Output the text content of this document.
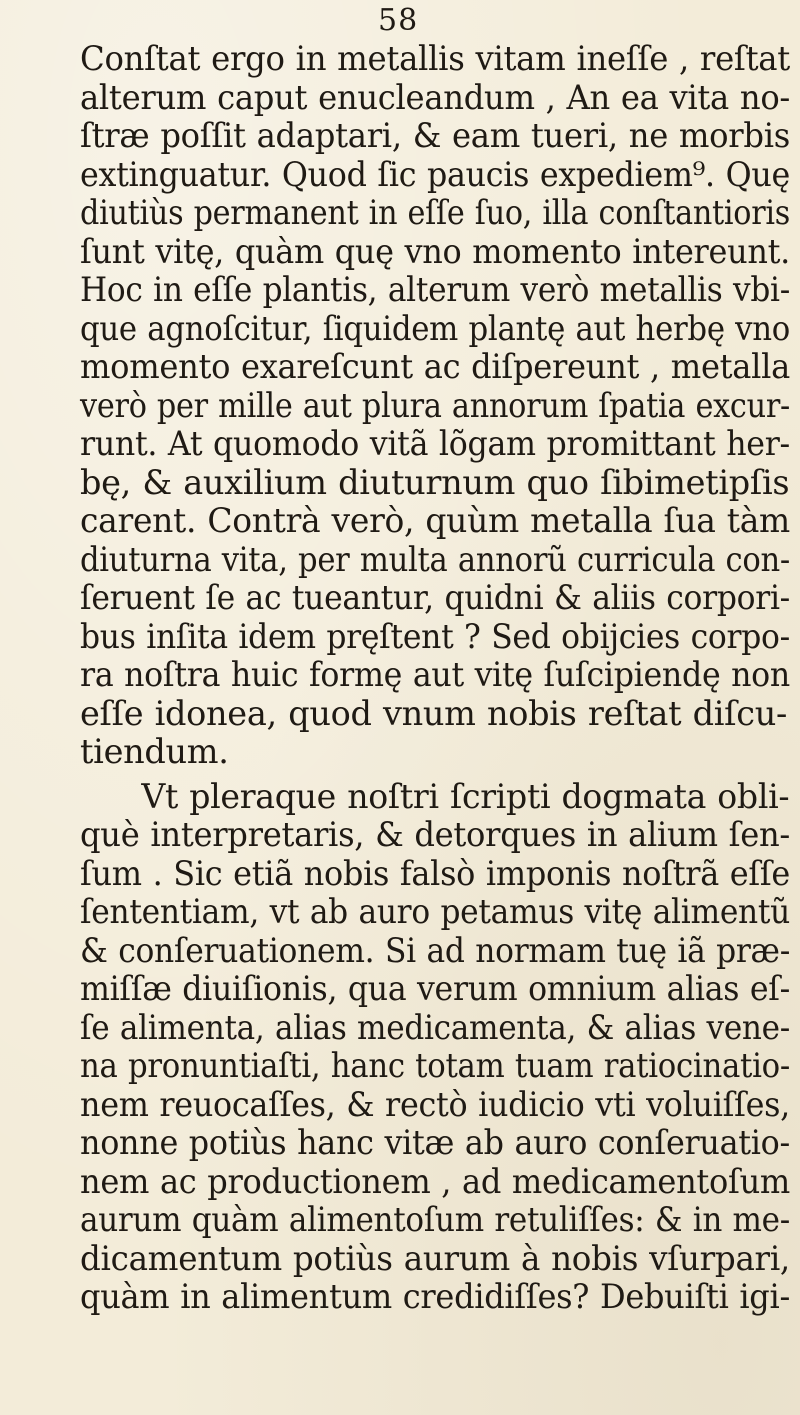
58
Conſtat ergo in metallis vitam ineſſe , reſtat
alterum caput enucleandum , An ea vita no-
ſtræ poſſit adaptari, & eam tueri, ne morbis
extinguatur. Quod ſic paucis expediem⁹. Quę
diutiùs permanent in eſſe ſuo, illa conſtantioris
ſunt vitę, quàm quę vno momento intereunt.
Hoc in eſſe plantis, alterum verò metallis vbi-
que agnoſcitur, ſiquidem plantę aut herbę vno
momento exareſcunt ac diſpereunt , metalla
verò per mille aut plura annorum ſpatia excur-
runt. At quomodo vitã lõgam promittant her-
bę, & auxilium diuturnum quo ſibimetipſis
carent. Contrà verò, quùm metalla ſua tàm
diuturna vita, per multa annorũ curricula con-
ſeruent ſe ac tueantur, quidni & aliis corpori-
bus inſita idem pręſtent ? Sed obijcies corpo-
ra noſtra huic formę aut vitę ſuſcipiendę non
eſſe idonea, quod vnum nobis reſtat diſcu-
tiendum.
Vt pleraque noſtri ſcripti dogmata obli-
què interpretaris, & detorques in alium ſen-
ſum . Sic etiã nobis falsò imponis noſtrã eſſe
ſententiam, vt ab auro petamus vitę alimentũ
& conſeruationem. Si ad normam tuę iã præ-
miſſæ diuiſionis, qua verum omnium alias eſ-
ſe alimenta, alias medicamenta, & alias vene-
na pronuntiaſti, hanc totam tuam ratiocinatio-
nem reuocaſſes, & rectò iudicio vti voluiſſes,
nonne potiùs hanc vitæ ab auro conſeruatio-
nem ac productionem , ad medicamentoſum
aurum quàm alimentoſum retuliſſes: & in me-
dicamentum potiùs aurum à nobis vſurpari,
quàm in alimentum credidiſſes? Debuiſti igi-
